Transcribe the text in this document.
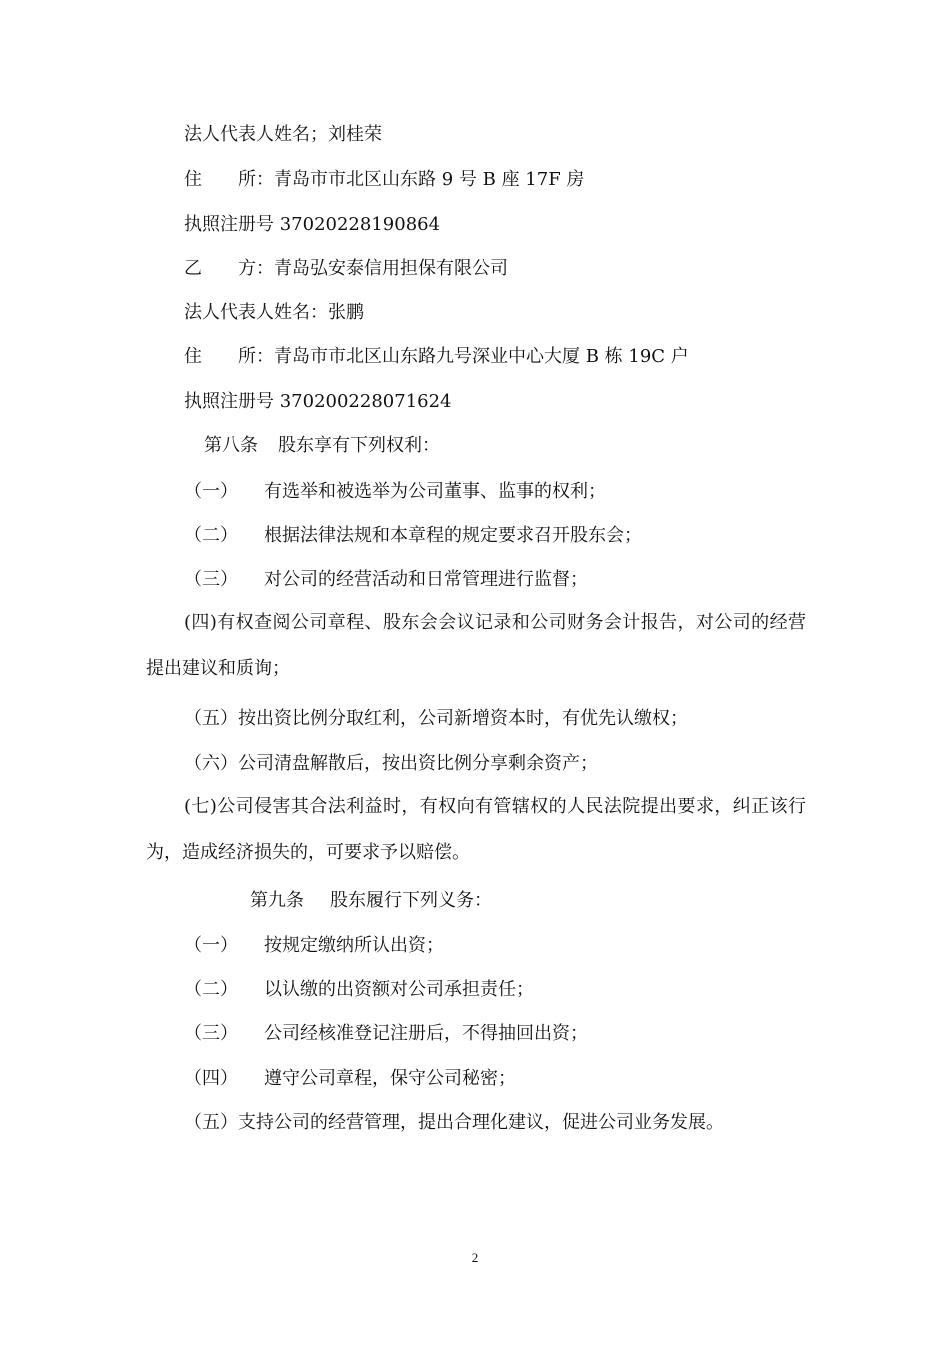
法人代表人姓名；刘桂荣
住 所：青岛市市北区山东路 9 号 B 座 17F 房
执照注册号 37020228190864
乙 方：青岛弘安泰信用担保有限公司
法人代表人姓名：张鹏
住 所：青岛市市北区山东路九号深业中心大厦 B 栋 19C 户
执照注册号 370200228071624
第八条 股东享有下列权利：
（一） 有选举和被选举为公司董事、监事的权利；
（二） 根据法律法规和本章程的规定要求召开股东会；
（三） 对公司的经营活动和日常管理进行监督；
(四)有权查阅公司章程、股东会会议记录和公司财务会计报告，对公司的经营提出建议和质询；
（五）按出资比例分取红利，公司新增资本时，有优先认缴权；
（六）公司清盘解散后，按出资比例分享剩余资产；
(七)公司侵害其合法利益时，有权向有管辖权的人民法院提出要求，纠正该行为，造成经济损失的，可要求予以赔偿。
第九条 股东履行下列义务：
（一） 按规定缴纳所认出资；
（二） 以认缴的出资额对公司承担责任；
（三） 公司经核准登记注册后，不得抽回出资；
（四） 遵守公司章程，保守公司秘密；
（五）支持公司的经营管理，提出合理化建议，促进公司业务发展。
2
